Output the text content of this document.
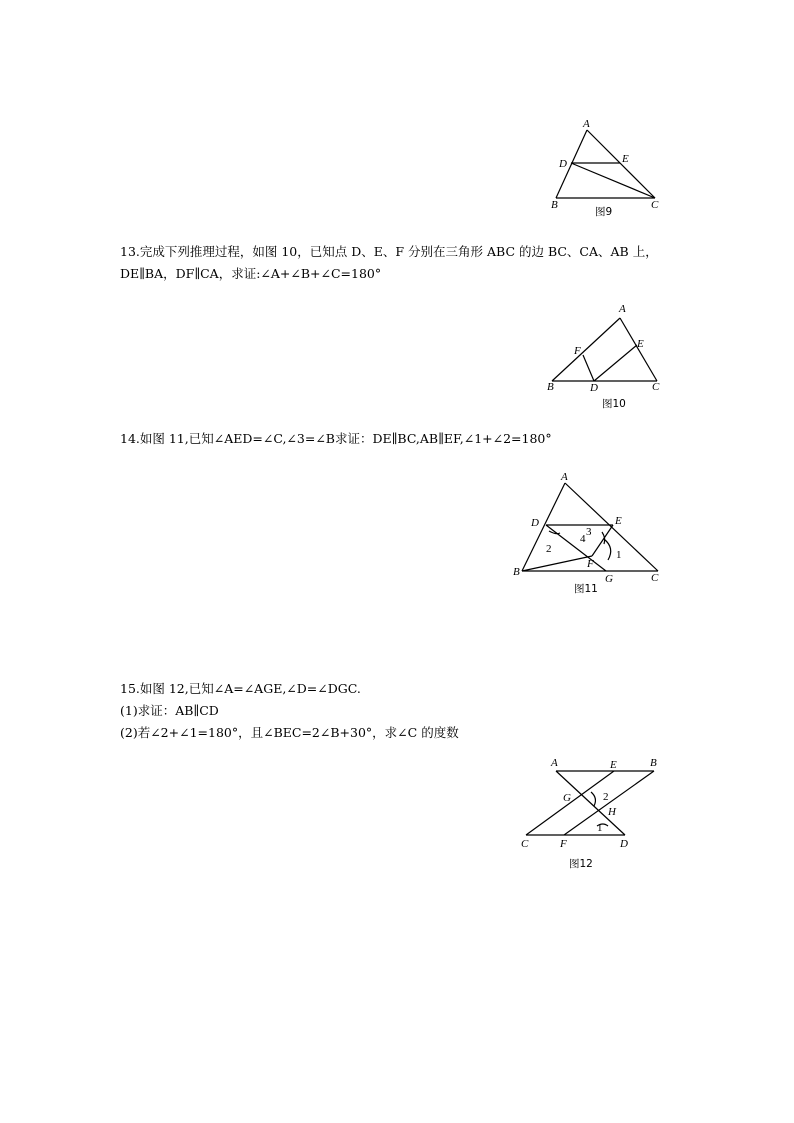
A
D	E
B	C
图9

13.完成下列推理过程，如图 10，已知点 D、E、F 分别在三角形 ABC 的边 BC、CA、AB 上，

DE∥BA，DF∥CA，求证:∠A+∠B+∠C=180°

A
F
E
B	D	C
图10

14.如图 11,已知∠AED=∠C,∠3=∠B求证：DE∥BC,AB∥EF,∠1+∠2=180°

A
D	E
3
4
2	1
F
B
G	C
图11

15.如图 12,已知∠A=∠AGE,∠D=∠DGC.

(1)求证：AB∥CD

(2)若∠2+∠1=180°，且∠BEC=2∠B+30°，求∠C 的度数

A	E	B
G	2
H
1
C	F	D
图12
